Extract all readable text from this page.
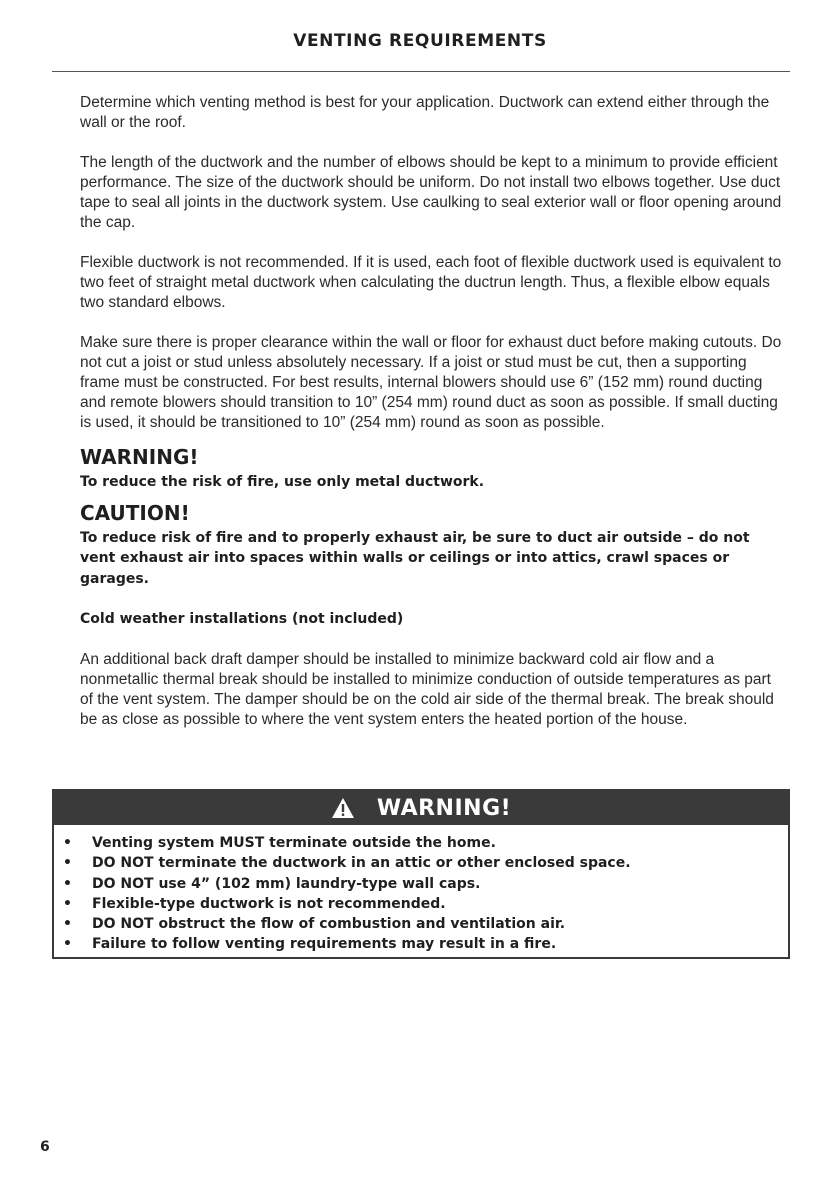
VENTING REQUIREMENTS

Determine which venting method is best for your application. Ductwork can extend either through the wall or the roof.

The length of the ductwork and the number of elbows should be kept to a minimum to provide efficient performance. The size of the ductwork should be uniform. Do not install two elbows together. Use duct tape to seal all joints in the ductwork system. Use caulking to seal exterior wall or floor opening around the cap.

Flexible ductwork is not recommended. If it is used, each foot of flexible ductwork used is equivalent to two feet of straight metal ductwork when calculating the ductrun length. Thus, a flexible elbow equals two standard elbows.

Make sure there is proper clearance within the wall or floor for exhaust duct before making cutouts. Do not cut a joist or stud unless absolutely necessary. If a joist or stud must be cut, then a supporting frame must be constructed. For best results, internal blowers should use 6” (152 mm) round ducting and remote blowers should transition to 10” (254 mm) round duct as soon as possible. If small ducting is used, it should be transitioned to 10” (254 mm) round as soon as possible.

WARNING!
To reduce the risk of fire, use only metal ductwork.
CAUTION!

To reduce risk of fire and to properly exhaust air, be sure to duct air outside – do not vent exhaust air into spaces within walls or ceilings or into attics, crawl spaces or garages.

Cold weather installations (not included)

An additional back draft damper should be installed to minimize backward cold air flow and a nonmetallic thermal break should be installed to minimize conduction of outside temperatures as part of the vent system. The damper should be on the cold air side of the thermal break. The break should be as close as possible to where the vent system enters the heated portion of the house.

WARNING!
• Venting system MUST terminate outside the home.
• DO NOT terminate the ductwork in an attic or other enclosed space.
• DO NOT use 4” (102 mm) laundry-type wall caps.
• Flexible-type ductwork is not recommended.
• DO NOT obstruct the flow of combustion and ventilation air.
• Failure to follow venting requirements may result in a fire.
6
